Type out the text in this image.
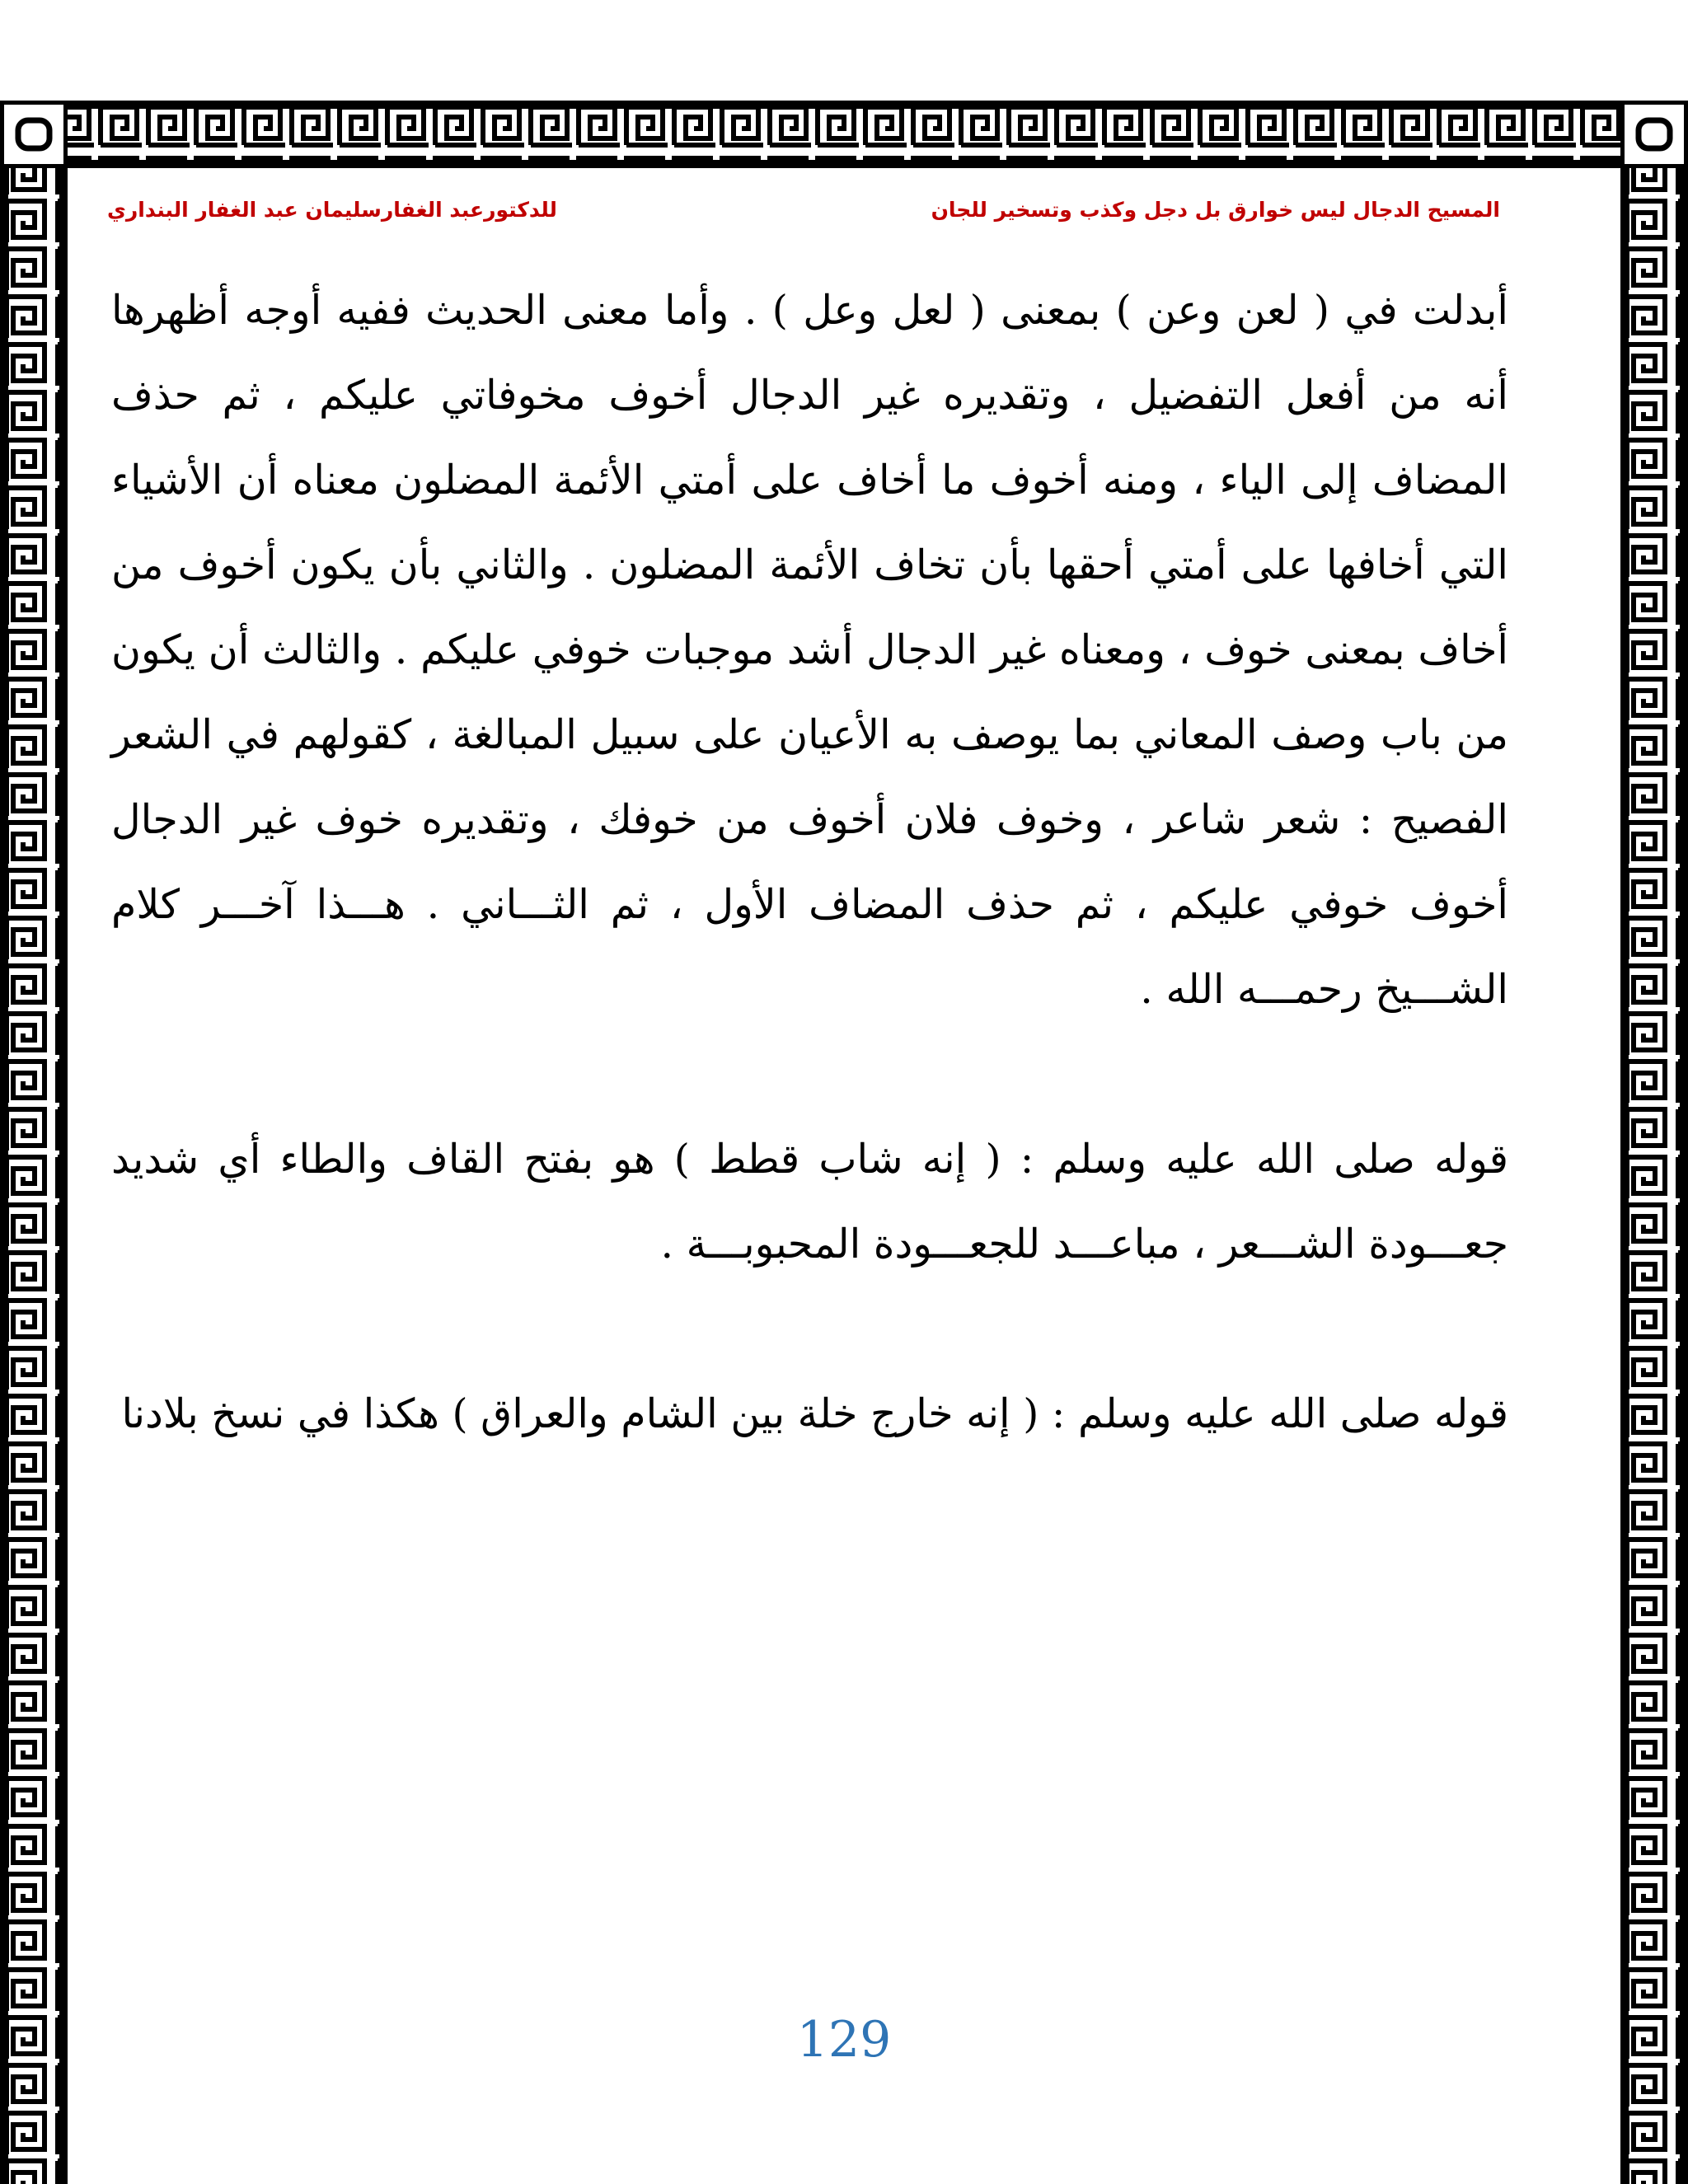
المسيح الدجال ليس خوارق بل دجل وكذب وتسخير للجان
للدكتورعبد الغفارسليمان عبد الغفار البنداري

أبدلت في ( لعن وعن ) بمعنى ( لعل وعل ) . وأما معنى الحديث ففيه أوجه أظهرها أنه من أفعل التفضيل ، وتقديره غير الدجال أخوف مخوفاتي عليكم ، ثم حذف المضاف إلى الياء ، ومنه أخوف ما أخاف على أمتي الأئمة المضلون معناه أن الأشياء التي أخافها على أمتي أحقها بأن تخاف الأئمة المضلون . والثاني بأن يكون أخوف من أخاف بمعنى خوف ، ومعناه غير الدجال أشد موجبات خوفي عليكم . والثالث أن يكون من باب وصف المعاني بما يوصف به الأعيان على سبيل المبالغة ، كقولهم في الشعر الفصيح : شعر شاعر ، وخوف فلان أخوف من خوفك ، وتقديره خوف غير الدجال أخوف خوفي عليكم ، ثم حذف المضاف الأول ، ثم الثـــاني . هـــذا آخـــر كلام الشـــيخ رحمـــه الله .

قوله صلى الله عليه وسلم : ( إنه شاب قطط ) هو بفتح القاف والطاء أي شديد جعـــودة الشـــعر ، مباعـــد للجعـــودة المحبوبـــة .

قوله صلى الله عليه وسلم : ( إنه خارج خلة بين الشام والعراق ) هكذا في نسخ بلادنا

129
